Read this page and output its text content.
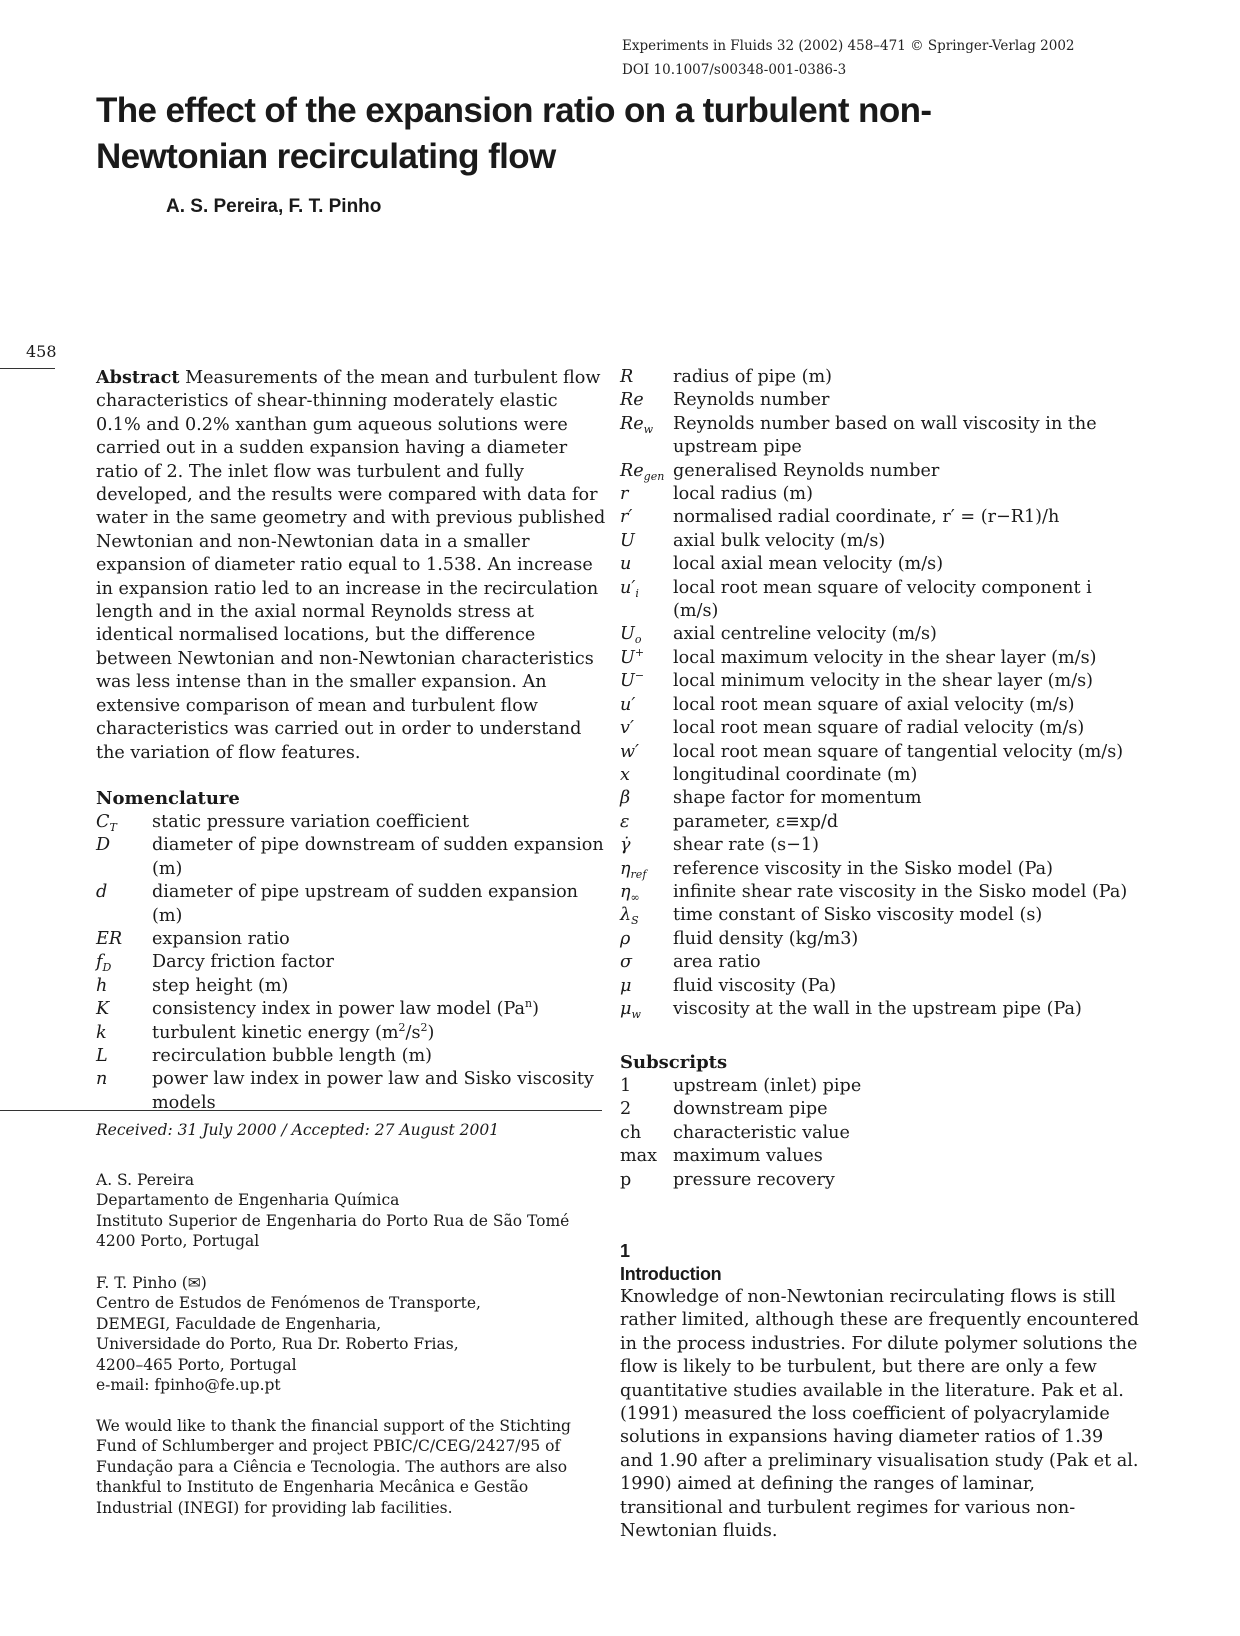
Experiments in Fluids 32 (2002) 458–471 © Springer-Verlag 2002
DOI 10.1007/s00348-001-0386-3
The effect of the expansion ratio on a turbulent non-Newtonian recirculating flow
A. S. Pereira, F. T. Pinho
458

Abstract Measurements of the mean and turbulent flow characteristics of shear-thinning moderately elastic 0.1% and 0.2% xanthan gum aqueous solutions were carried out in a sudden expansion having a diameter ratio of 2. The inlet flow was turbulent and fully developed, and the results were compared with data for water in the same geometry and with previous published Newtonian and non-Newtonian data in a smaller expansion of diameter ratio equal to 1.538. An increase in expansion ratio led to an increase in the recirculation length and in the axial normal Reynolds stress at identical normalised locations, but the difference between Newtonian and non-Newtonian characteristics was less intense than in the smaller expansion. An extensive comparison of mean and turbulent flow characteristics was carried out in order to understand the variation of flow features.

Nomenclature
$C_T$	static pressure variation coefficient
D	diameter of pipe downstream of sudden expansion (m)
d	diameter of pipe upstream of sudden expansion (m)
ER	expansion ratio
$f_D$	Darcy friction factor
h	step height (m)
K	consistency index in power law model (Pa$^n$)
k	turbulent kinetic energy $(m^2/s^2)$
L	recirculation bubble length (m)
n	power law index in power law and Sisko viscosity models
R	radius of pipe (m)
Re	Reynolds number
$Re_w$	Reynolds number based on wall viscosity in the upstream pipe
$Re_{gen}$ generalised Reynolds number
r	local radius (m)
r′	normalised radial coordinate, r′ = (r−R1)/h
U	axial bulk velocity (m/s)
u	local axial mean velocity (m/s)
$u'_i$	local root mean square of velocity component i (m/s)
$U_o$	axial centreline velocity (m/s)
U+	local maximum velocity in the shear layer (m/s)
U−	local minimum velocity in the shear layer (m/s)
u′	local root mean square of axial velocity (m/s)
v′	local root mean square of radial velocity (m/s)
w′	local root mean square of tangential velocity (m/s)
x	longitudinal coordinate (m)
β	shape factor for momentum
ε	parameter, ε≡xp/d
γ̇	shear rate (s−1)
$\eta_{ref}$	reference viscosity in the Sisko model (Pa)
$\eta_\infty$	infinite shear rate viscosity in the Sisko model (Pa)
$\lambda_S$	time constant of Sisko viscosity model (s)
ρ	fluid density (kg/m3)
σ	area ratio
μ	fluid viscosity (Pa)
$\mu_w$	viscosity at the wall in the upstream pipe (Pa)
Subscripts
1	upstream (inlet) pipe
2	downstream pipe
ch	characteristic value
max maximum values
p	pressure recovery
Received: 31 July 2000 / Accepted: 27 August 2001
A. S. Pereira
Departamento de Engenharia Química
Instituto Superior de Engenharia do Porto Rua de São Tomé
4200 Porto, Portugal
F. T. Pinho (✉)
Centro de Estudos de Fenómenos de Transporte,
DEMEGI, Faculdade de Engenharia,
Universidade do Porto, Rua Dr. Roberto Frias,
4200–465 Porto, Portugal
e-mail: fpinho@fe.up.pt

We would like to thank the financial support of the Stichting Fund of Schlumberger and project PBIC/C/CEG/2427/95 of Fundação para a Ciência e Tecnologia. The authors are also thankful to Instituto de Engenharia Mecânica e Gestão Industrial (INEGI) for providing lab facilities.

1
Introduction

Knowledge of non-Newtonian recirculating flows is still rather limited, although these are frequently encountered in the process industries. For dilute polymer solutions the flow is likely to be turbulent, but there are only a few quantitative studies available in the literature. Pak et al. (1991) measured the loss coefficient of polyacrylamide solutions in expansions having diameter ratios of 1.39 and 1.90 after a preliminary visualisation study (Pak et al. 1990) aimed at defining the ranges of laminar, transitional and turbulent regimes for various non-Newtonian fluids.
